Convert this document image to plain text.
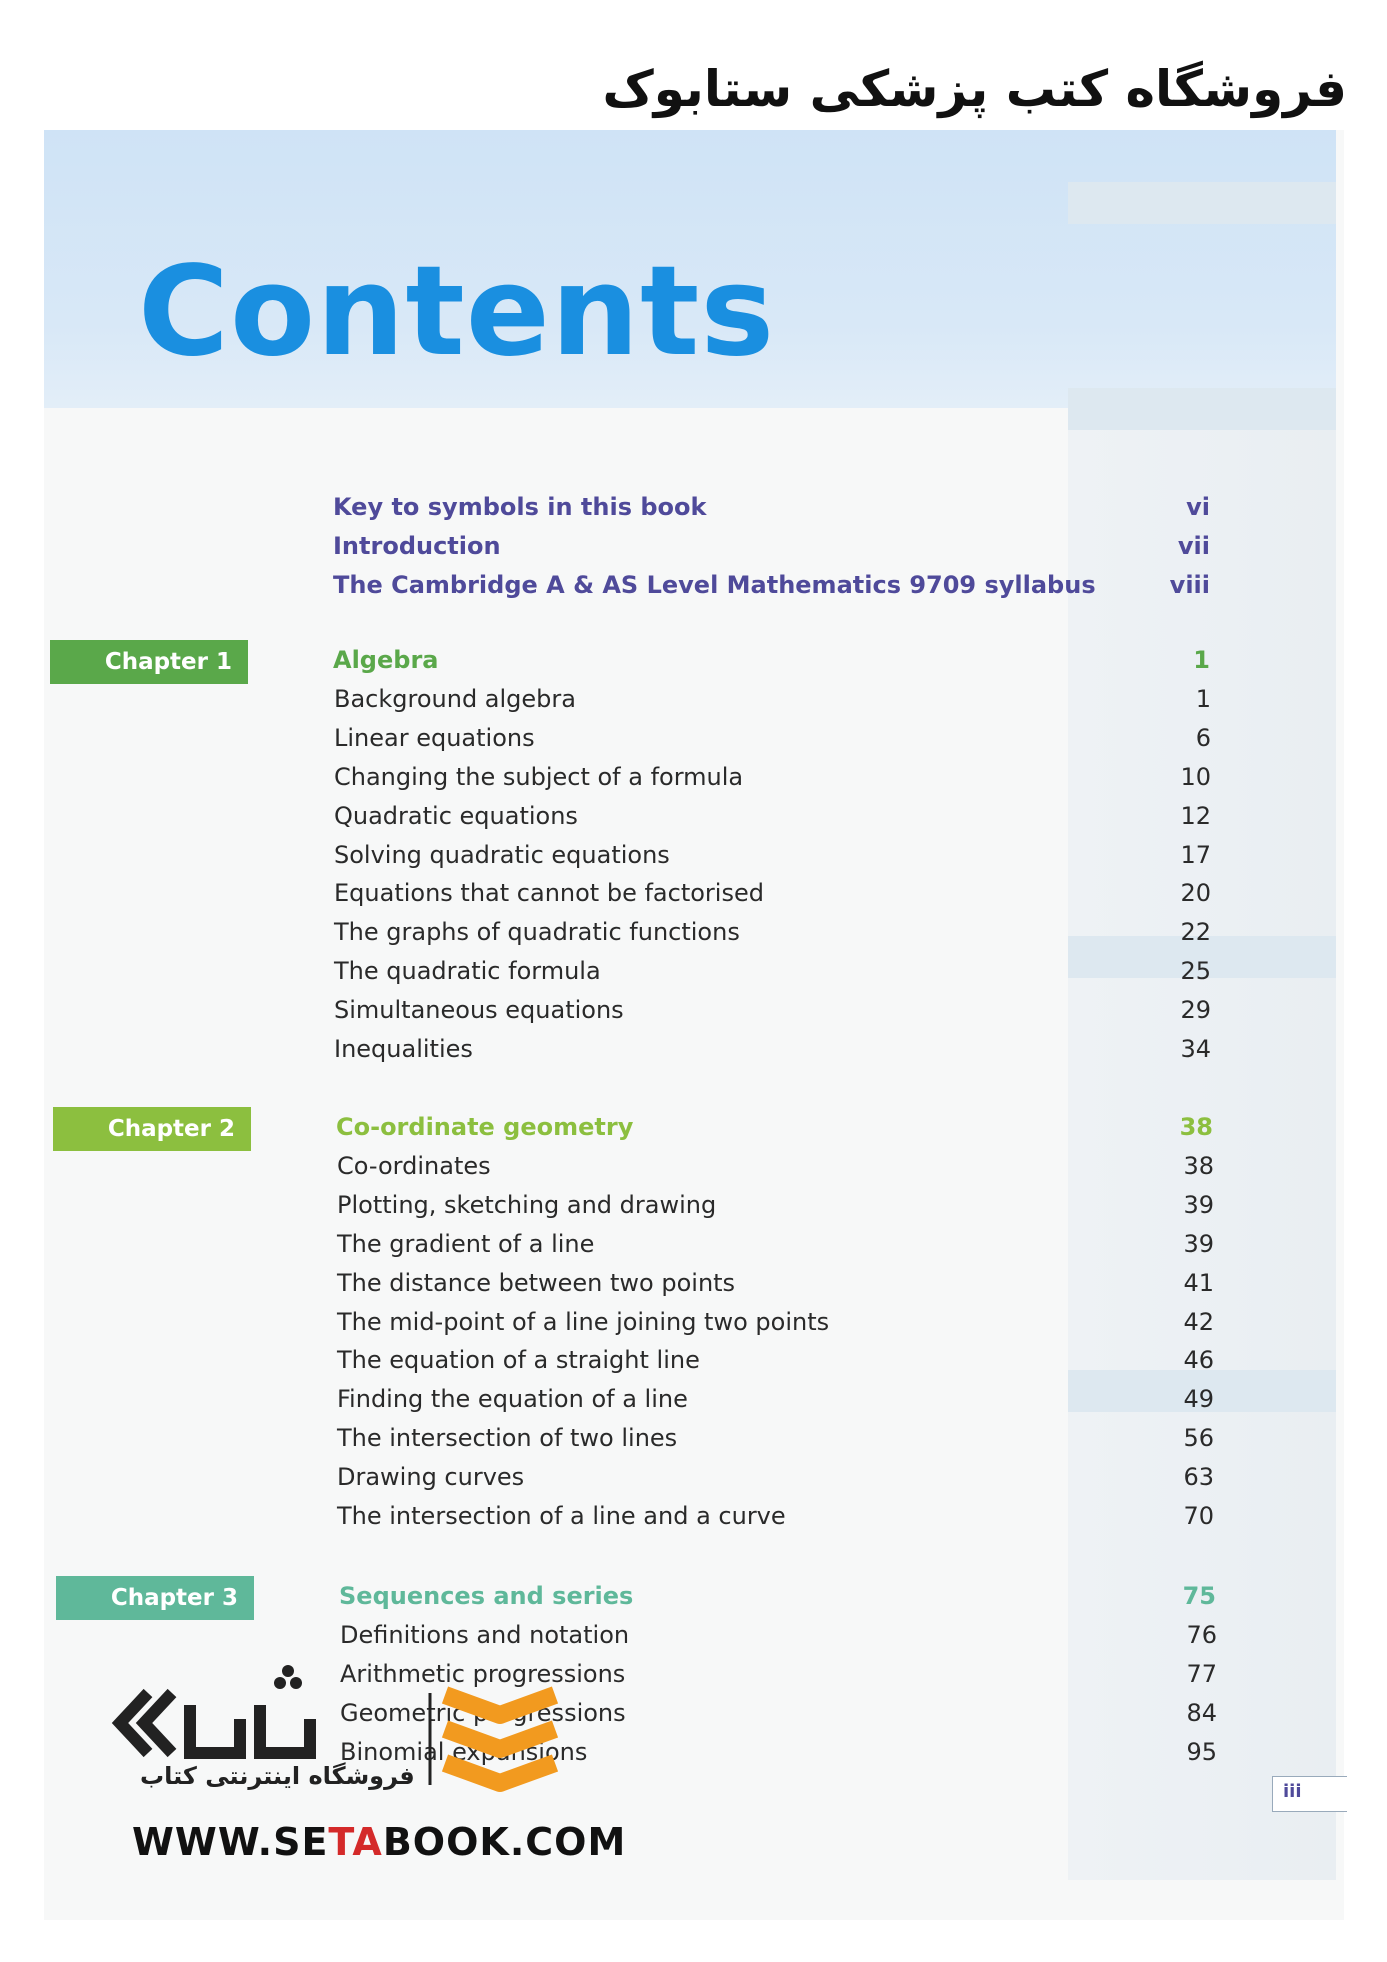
فروشگاه کتب پزشکی ستابوک
Contents
Key to symbols in this book	vi
Introduction	vii
The Cambridge A & AS Level Mathematics 9709 syllabus	viii
Chapter 1	Algebra	1
Background algebra	1
Linear equations	6
Changing the subject of a formula	10
Quadratic equations	12
Solving quadratic equations	17
Equations that cannot be factorised	20
The graphs of quadratic functions	22
The quadratic formula	25
Simultaneous equations	29
Inequalities	34
Chapter 2	Co-ordinate geometry	38
Co-ordinates	38
Plotting, sketching and drawing	39
The gradient of a line	39
The distance between two points	41
The mid-point of a line joining two points	42
The equation of a straight line	46
Finding the equation of a line	49
The intersection of two lines	56
Drawing curves	63
The intersection of a line and a curve	70
Chapter 3	Sequences and series	75
Definitions and notation	76
Arithmetic progressions	77
Geometric progressions	84
Binomial expansions	95
iii
فروشگاه اینترنتی کتاب
WWW.SETABOOK.COM
